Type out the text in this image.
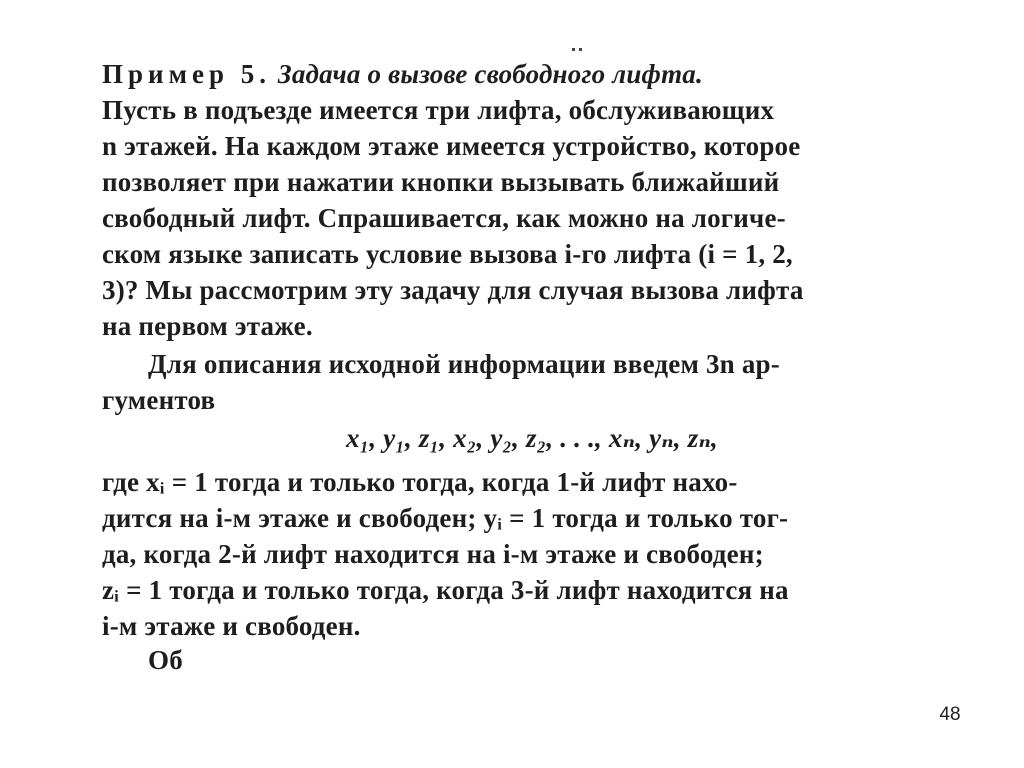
Пример 5. Задача о вызове свободного лифта.
Пусть в подъезде имеется три лифта, обслуживающих
n этажей. На каждом этаже имеется устройство, которое
позволяет при нажатии кнопки вызывать ближайший
свободный лифт. Спрашивается, как можно на логиче-
ском языке записать условие вызова i-го лифта (i = 1, 2,
3)? Мы рассмотрим эту задачу для случая вызова лифта
на первом этаже.
Для описания исходной информации введем 3n ар-
гументов
x₁, y₁, z₁, x₂, y₂, z₂, . . ., xₙ, yₙ, zₙ,
где xᵢ = 1 тогда и только тогда, когда 1-й лифт нахо-
дится на i-м этаже и свободен; yᵢ = 1 тогда и только тог-
да, когда 2-й лифт находится на i-м этаже и свободен;
zᵢ = 1 тогда и только тогда, когда 3-й лифт находится на
i-м этаже и свободен.
Об
48
